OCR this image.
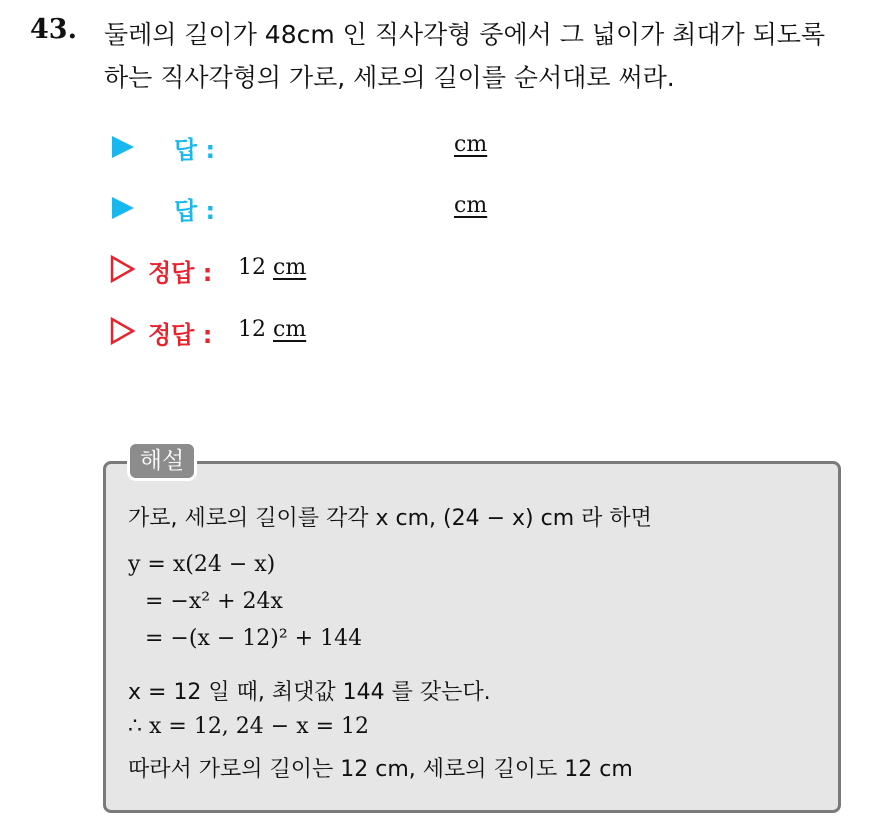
43. 둘레의 길이가 48cm 인 직사각형 중에서 그 넓이가 최대가 되도록
하는 직사각형의 가로, 세로의 길이를 순서대로 써라.
답 :	cm
답 :	cm
정답 : 12 cm
정답 : 12 cm
해설
가로, 세로의 길이를 각각 x cm, (24 − x) cm 라 하면
y = x(24 − x)
= −x² + 24x
= −(x − 12)² + 144
x = 12 일 때, 최댓값 144 를 갖는다.
∴ x = 12, 24 − x = 12
따라서 가로의 길이는 12 cm, 세로의 길이도 12 cm
